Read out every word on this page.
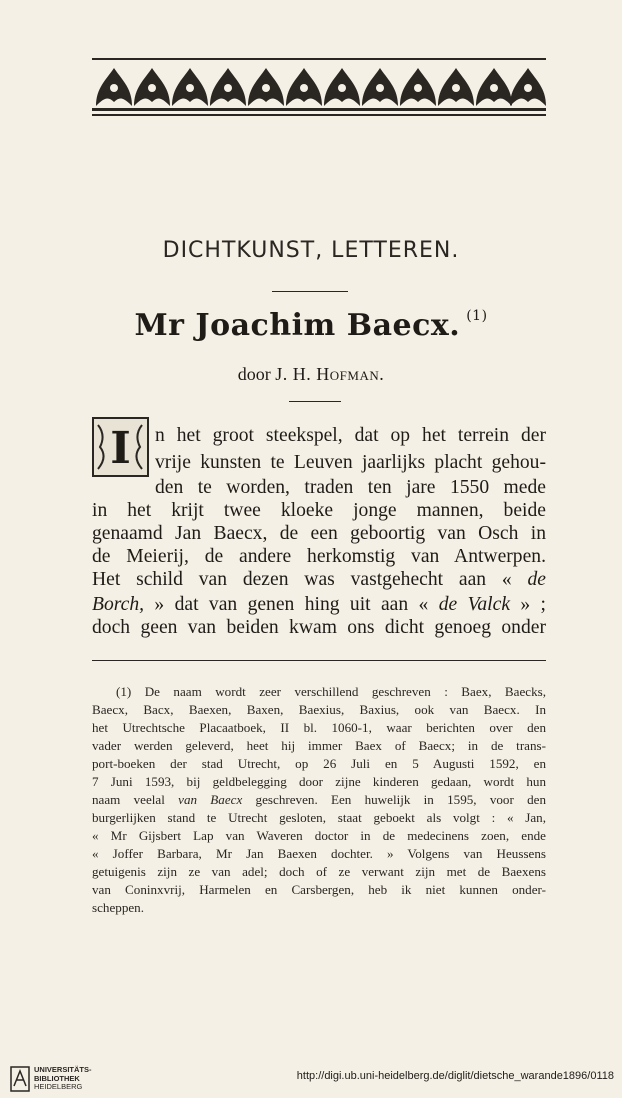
DICHTKUNST, LETTEREN.
Mr Joachim Baecx. $^{(1)}$
door J. H. Hofman.
I n het groot steekspel, dat op het terrein der
vrije kunsten te Leuven jaarlijks placht gehou-
den te worden, traden ten jare 1550 mede
in het krijt twee kloeke jonge mannen, beide
genaamd Jan Baecx, de een geboortig van Osch in
de Meierij, de andere herkomstig van Antwerpen.
Het schild van dezen was vastgehecht aan « de
Borch, » dat van genen hing uit aan « de Valck » ;
doch geen van beiden kwam ons dicht genoeg onder
(1) De naam wordt zeer verschillend geschreven : Baex, Baecks,
Baecx, Bacx, Baexen, Baxen, Baexius, Baxius, ook van Baecx. In
het Utrechtsche Placaatboek, II bl. 1060-1, waar berichten over den
vader werden geleverd, heet hij immer Baex of Baecx; in de trans-
port-boeken der stad Utrecht, op 26 Juli en 5 Augusti 1592, en
7 Juni 1593, bij geldbelegging door zijne kinderen gedaan, wordt hun
naam veelal van Baecx geschreven. Een huwelijk in 1595, voor den
burgerlijken stand te Utrecht gesloten, staat geboekt als volgt : « Jan,
« Mr Gijsbert Lap van Waveren doctor in de medecinens zoen, ende
« Joffer Barbara, Mr Jan Baexen dochter. » Volgens van Heussens
getuigenis zijn ze van adel; doch of ze verwant zijn met de Baexens
van Coninxvrij, Harmelen en Carsbergen, heb ik niet kunnen onder-
scheppen.
UNIVERSITÄTS-
BIBLIOTHEK
HEIDELBERG
http://digi.ub.uni-heidelberg.de/diglit/dietsche_warande1896/0118
